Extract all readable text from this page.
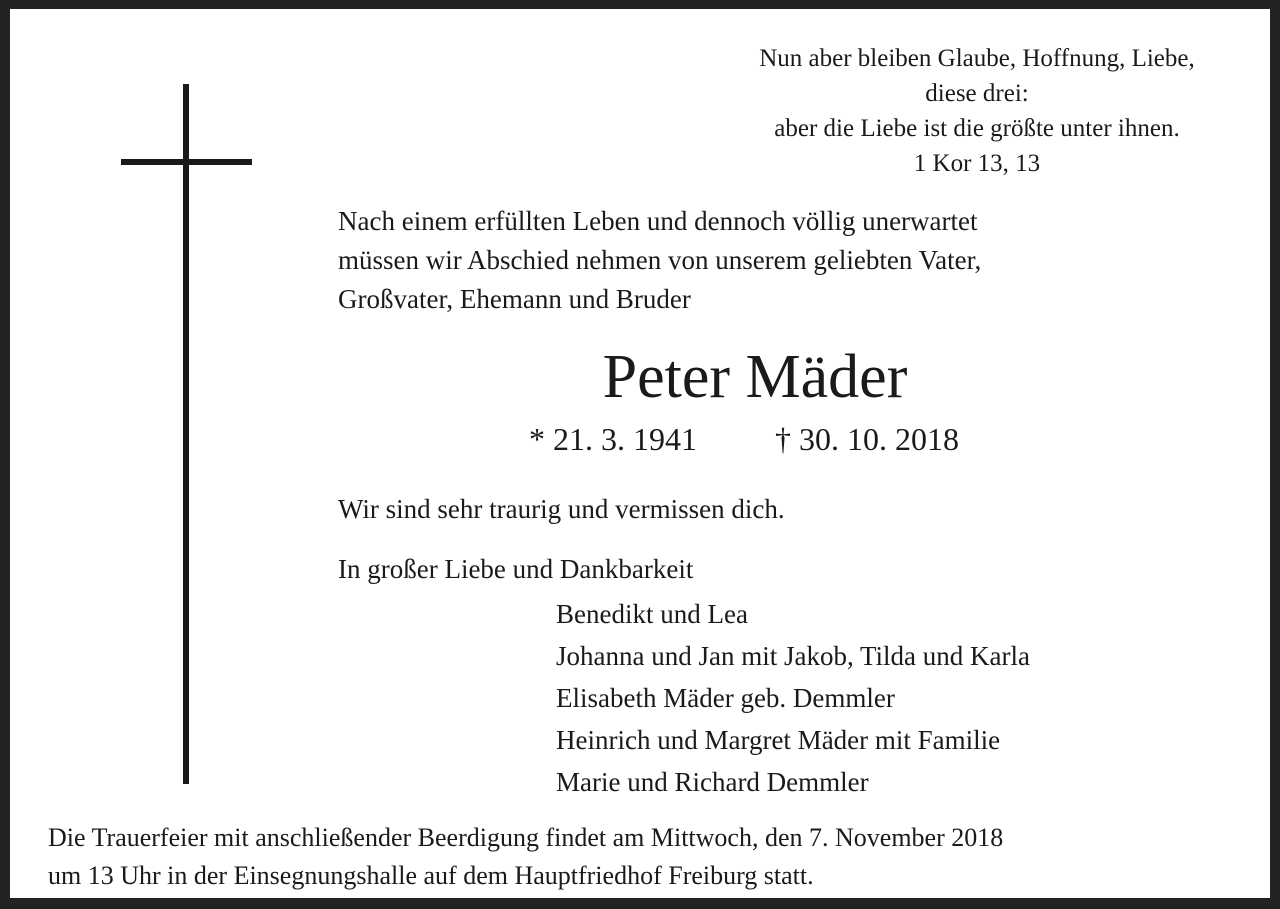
Nun aber bleiben Glaube, Hoffnung, Liebe,
diese drei:
aber die Liebe ist die größte unter ihnen.
1 Kor 13, 13
Nach einem erfüllten Leben und dennoch völlig unerwartet
müssen wir Abschied nehmen von unserem geliebten Vater,
Großvater, Ehemann und Bruder
Peter Mäder
* 21. 3. 1941 † 30. 10. 2018
Wir sind sehr traurig und vermissen dich.
In großer Liebe und Dankbarkeit
Benedikt und Lea
Johanna und Jan mit Jakob, Tilda und Karla
Elisabeth Mäder geb. Demmler
Heinrich und Margret Mäder mit Familie
Marie und Richard Demmler
Die Trauerfeier mit anschließender Beerdigung findet am Mittwoch, den 7. November 2018
um 13 Uhr in der Einsegnungshalle auf dem Hauptfriedhof Freiburg statt.
